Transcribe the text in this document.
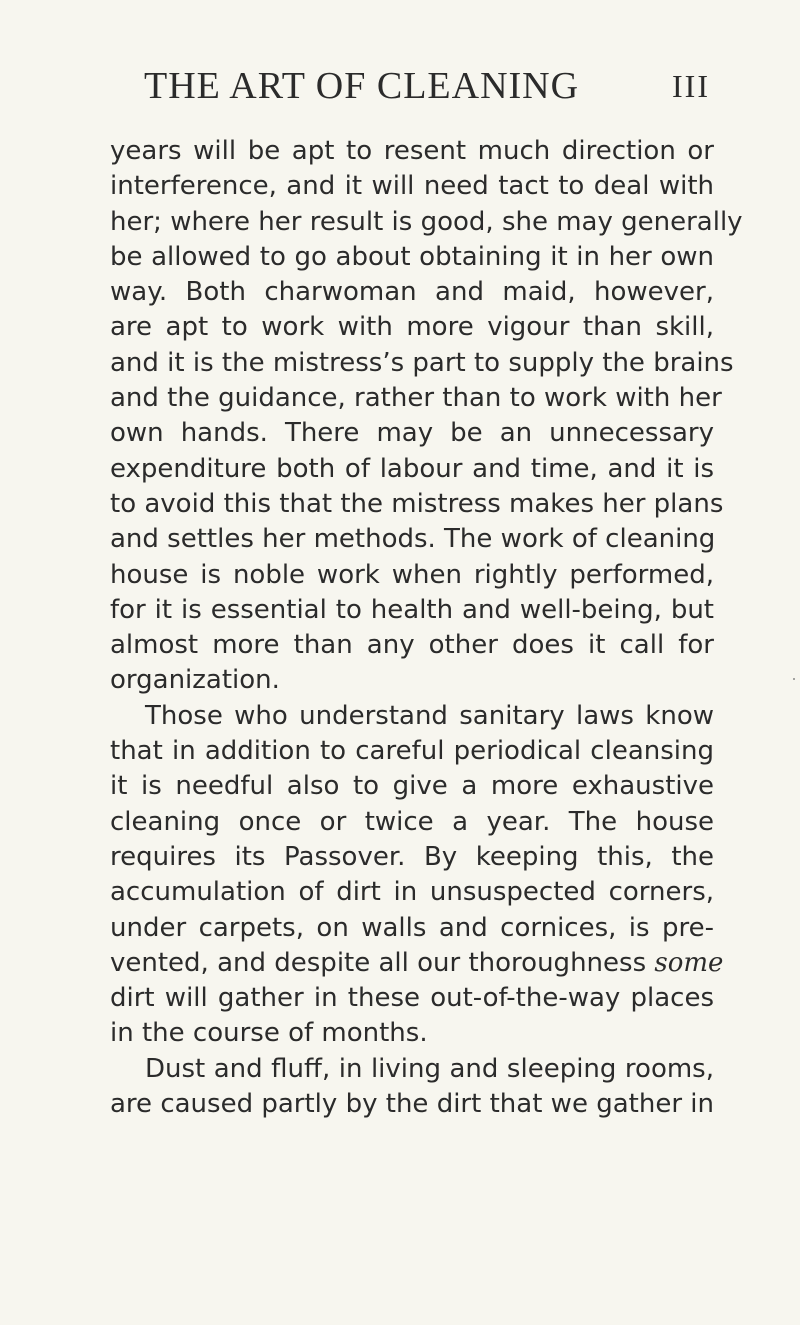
THE ART OF CLEANING	III
years will be apt to resent much direction or
interference, and it will need tact to deal with
her; where her result is good, she may generally
be allowed to go about obtaining it in her own
way. Both charwoman and maid, however,
are apt to work with more vigour than skill,
and it is the mistress’s part to supply the brains
and the guidance, rather than to work with her
own hands. There may be an unnecessary
expenditure both of labour and time, and it is
to avoid this that the mistress makes her plans
and settles her methods. The work of cleaning
house is noble work when rightly performed,
for it is essential to health and well-being, but
almost more than any other does it call for
organization.
Those who understand sanitary laws know
that in addition to careful periodical cleansing
it is needful also to give a more exhaustive
cleaning once or twice a year. The house
requires its Passover. By keeping this, the
accumulation of dirt in unsuspected corners,
under carpets, on walls and cornices, is pre-
vented, and despite all our thoroughness some
dirt will gather in these out-of-the-way places
in the course of months.
Dust and fluff, in living and sleeping rooms,
are caused partly by the dirt that we gather in
